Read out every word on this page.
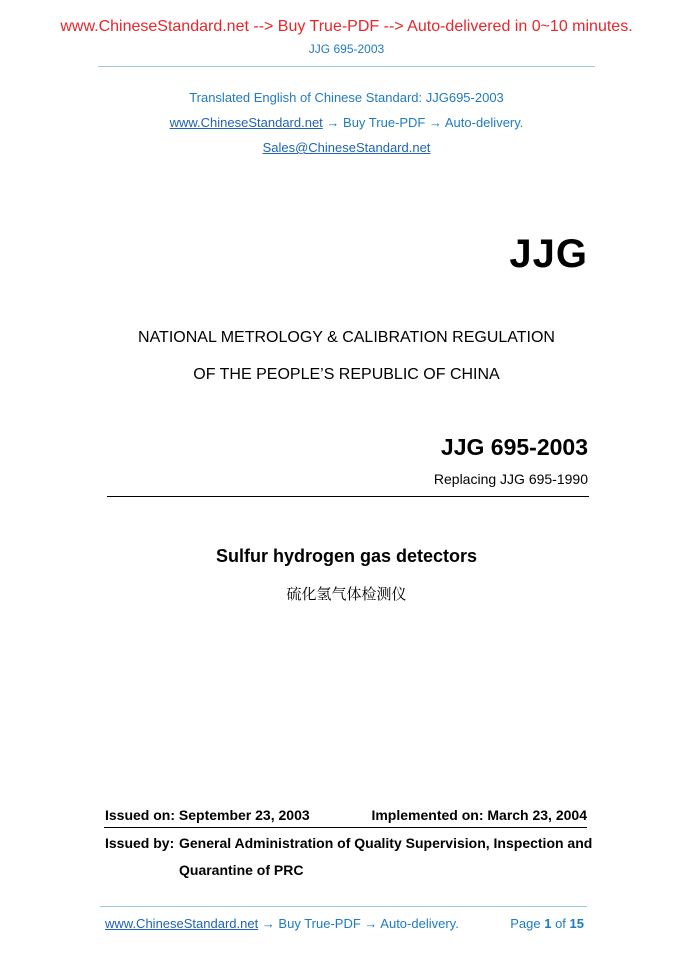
www.ChineseStandard.net --> Buy True-PDF --> Auto-delivered in 0~10 minutes.
JJG 695-2003
Translated English of Chinese Standard: JJG695-2003
www.ChineseStandard.net → Buy True-PDF → Auto-delivery.
Sales@ChineseStandard.net
JJG
NATIONAL METROLOGY & CALIBRATION REGULATION
OF THE PEOPLE’S REPUBLIC OF CHINA
JJG 695-2003
Replacing JJG 695-1990
Sulfur hydrogen gas detectors
硫化氢气体检测仪
Issued on: September 23, 2003	Implemented on: March 23, 2004
Issued by: General Administration of Quality Supervision, Inspection and
Quarantine of PRC
www.ChineseStandard.net → Buy True-PDF → Auto-delivery.	Page 1 of 15
